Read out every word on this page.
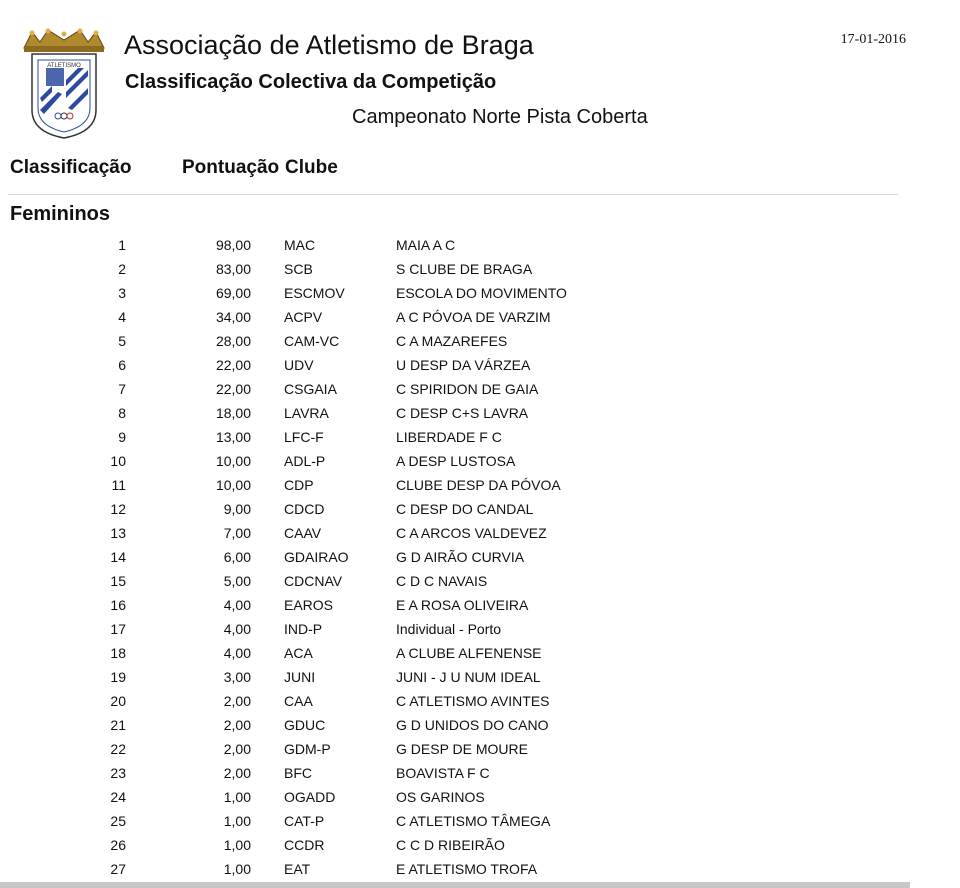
ATLETISMO
Associação de Atletismo de Braga
Classificação Colectiva da Competição
Campeonato Norte Pista Coberta
17-01-2016
Classificação	Pontuação Clube
Femininos
1	98,00		MAC	MAIA A C
2	83,00		SCB	S CLUBE DE BRAGA
3	69,00		ESCMOV	ESCOLA DO MOVIMENTO
4	34,00		ACPV	A C PÓVOA DE VARZIM
5	28,00		CAM-VC	C A MAZAREFES
6	22,00		UDV	U DESP DA VÁRZEA
7	22,00		CSGAIA	C SPIRIDON DE GAIA
8	18,00		LAVRA	C DESP C+S LAVRA
9	13,00		LFC-F	LIBERDADE F C
10	10,00		ADL-P	A DESP LUSTOSA
11	10,00		CDP	CLUBE DESP DA PÓVOA
12	9,00		CDCD	C DESP DO CANDAL
13	7,00		CAAV	C A ARCOS VALDEVEZ
14	6,00		GDAIRAO	G D AIRÃO CURVIA
15	5,00		CDCNAV	C D C NAVAIS
16	4,00		EAROS	E A ROSA OLIVEIRA
17	4,00		IND-P	Individual - Porto
18	4,00		ACA	A CLUBE ALFENENSE
19	3,00		JUNI	JUNI - J U NUM IDEAL
20	2,00		CAA	C ATLETISMO AVINTES
21	2,00		GDUC	G D UNIDOS DO CANO
22	2,00		GDM-P	G DESP DE MOURE
23	2,00		BFC	BOAVISTA F C
24	1,00		OGADD	OS GARINOS
25	1,00		CAT-P	C ATLETISMO TÂMEGA
26	1,00		CCDR	C C D RIBEIRÃO
27	1,00		EAT	E ATLETISMO TROFA
